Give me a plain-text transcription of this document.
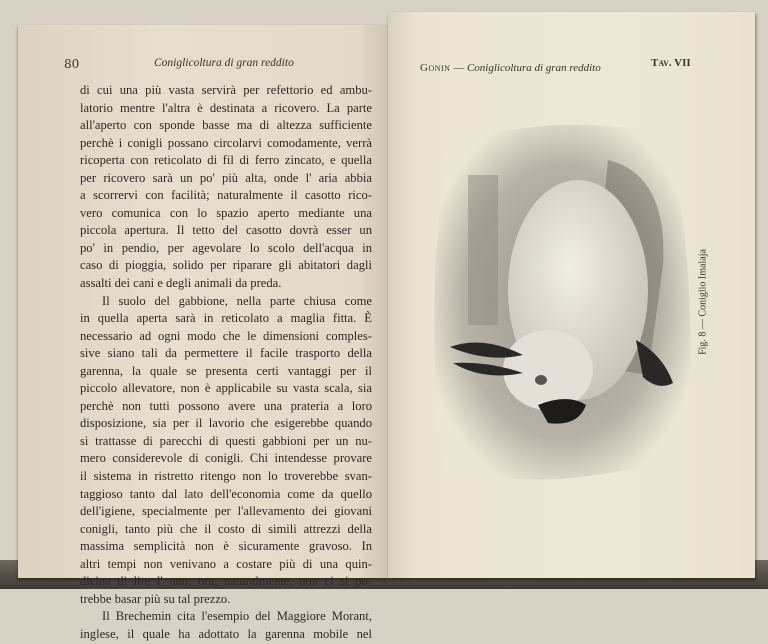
80	Coniglicoltura di gran reddito
di cui una più vasta servirà per refettorio ed ambu-
latorio mentre l'altra è destinata a ricovero. La parte
all'aperto con sponde basse ma di altezza sufficiente
perchè i conigli possano circolarvi comodamente, verrà
ricoperta con reticolato di fil di ferro zincato, e quella
per ricovero sarà un po' più alta, onde l' aria abbia
a scorrervi con facilità; naturalmente il casotto rico-
vero comunica con lo spazio aperto mediante una
piccola apertura. Il tetto del casotto dovrà esser un
po' in pendio, per agevolare lo scolo dell'acqua in
caso di pioggia, solido per riparare gli abitatori dagli
assalti dei cani e degli animali da preda.
Il suolo del gabbione, nella parte chiusa come
in quella aperta sarà in reticolato a maglia fitta. È
necessario ad ogni modo che le dimensioni comples-
sive siano tali da permettere il facile trasporto della
garenna, la quale se presenta certi vantaggi per il
piccolo allevatore, non è applicabile su vasta scala, sia
perchè non tutti possono avere una prateria a loro
disposizione, sia per il lavorio che esigerebbe quando
si trattasse di parecchi di questi gabbioni per un nu-
mero considerevole di conigli. Chi intendesse provare
il sistema in ristretto ritengo non lo troverebbe svan-
taggioso tanto dal lato dell'economia come da quello
dell'igiene, specialmente per l'allevamento dei giovani
conigli, tanto più che il costo di simili attrezzi della
massima semplicità non è sicuramente gravoso. In
altri tempi non venivano a costare più di una quin-
dicina di lire l' uno; ora, naturalmente, non ci si po-
trebbe basar più su tal prezzo.
Il Brechemin cita l'esempio del Maggiore Morant,
inglese, il quale ha adottato la garenna mobile nel
Gonin — Coniglicoltura di gran reddito	Tav. VII
Fig. 8 — Coniglio Imalaja
